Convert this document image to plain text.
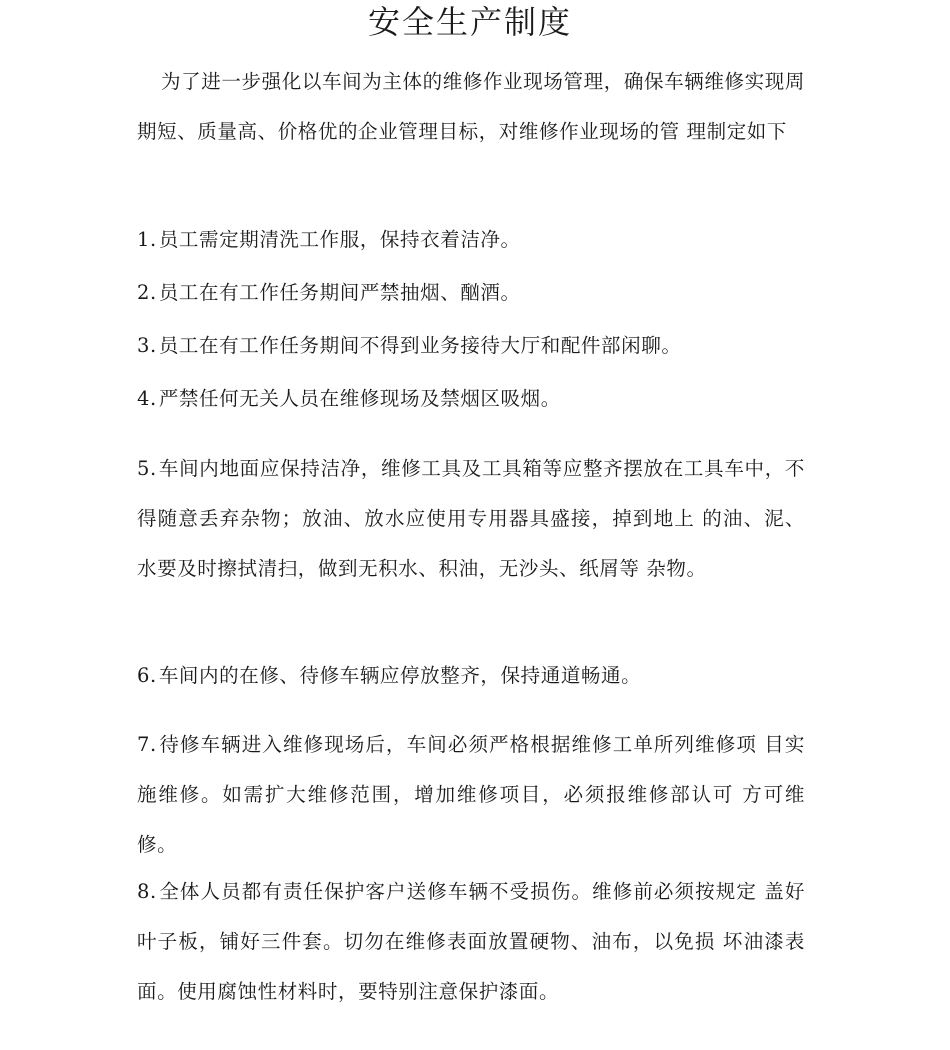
安全生产制度
为了进一步强化以车间为主体的维修作业现场管理，确保车辆维修实现周期短、质量高、价格优的企业管理目标，对维修作业现场的管 理制定如下
1. 员工需定期清洗工作服，保持衣着洁净。
2. 员工在有工作任务期间严禁抽烟、酗酒。
3. 员工在有工作任务期间不得到业务接待大厅和配件部闲聊。
4. 严禁任何无关人员在维修现场及禁烟区吸烟。
5. 车间内地面应保持洁净，维修工具及工具箱等应整齐摆放在工具车中，不得随意丢弃杂物；放油、放水应使用专用器具盛接，掉到地上 的油、泥、水要及时擦拭清扫，做到无积水、积油，无沙头、纸屑等 杂物。
6. 车间内的在修、待修车辆应停放整齐，保持通道畅通。
7. 待修车辆进入维修现场后，车间必须严格根据维修工单所列维修项 目实施维修。如需扩大维修范围，增加维修项目，必须报维修部认可 方可维修。
8. 全体人员都有责任保护客户送修车辆不受损伤。维修前必须按规定 盖好叶子板，铺好三件套。切勿在维修表面放置硬物、油布，以免损 坏油漆表面。使用腐蚀性材料时，要特别注意保护漆面。
